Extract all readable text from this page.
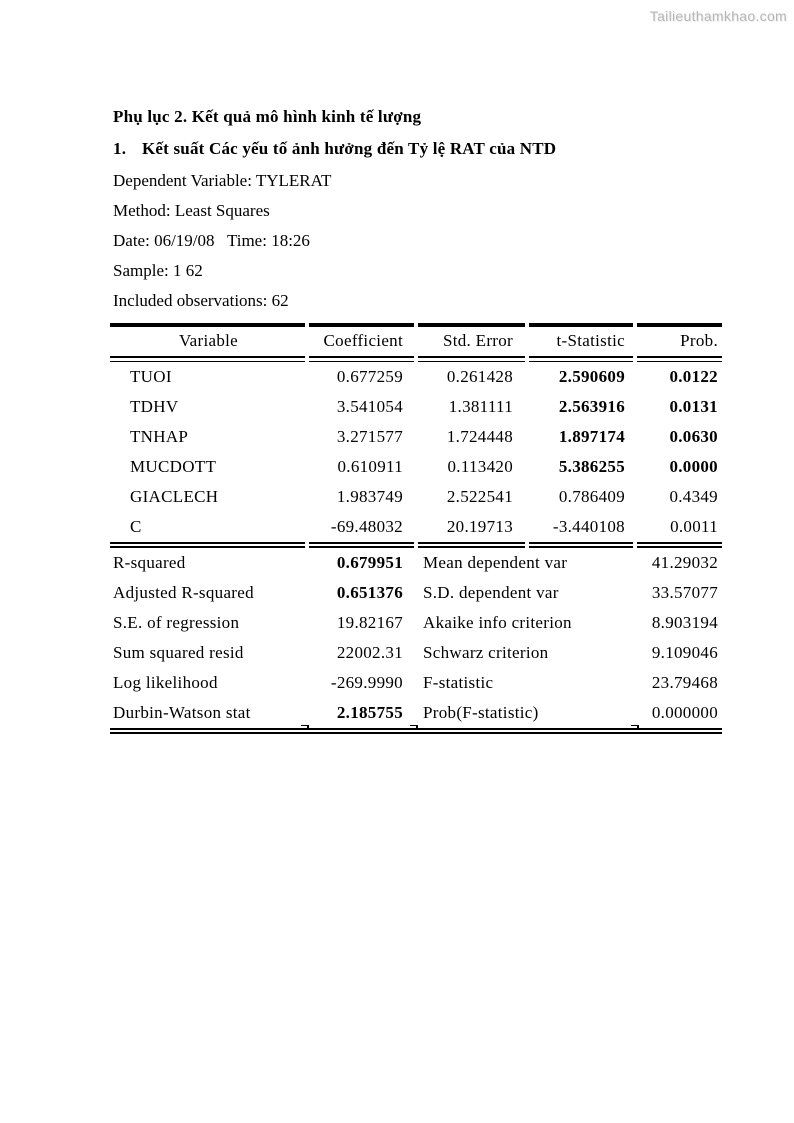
Tailieuthamkhao.com
Phụ lục 2. Kết quả mô hình kinh tế lượng
1. Kết suất Các yếu tố ảnh hưởng đến Tỷ lệ RAT của NTD
Dependent Variable: TYLERAT
Method: Least Squares
Date: 06/19/08   Time: 18:26
Sample: 1 62
Included observations: 62
Variable	Coefficient	Std. Error	t-Statistic	Prob.
TUOI	0.677259	0.261428	2.590609	0.0122
TDHV	3.541054	1.381111	2.563916	0.0131
TNHAP	3.271577	1.724448	1.897174	0.0630
MUCDOTT	0.610911	0.113420	5.386255	0.0000
GIACLECH	1.983749	2.522541	0.786409	0.4349
C	-69.48032	20.19713	-3.440108	0.0011
R-squared	0.679951	Mean dependent var	41.29032
Adjusted R-squared	0.651376	S.D. dependent var	33.57077
S.E. of regression	19.82167	Akaike info criterion	8.903194
Sum squared resid	22002.31	Schwarz criterion	9.109046
Log likelihood	-269.9990	F-statistic	23.79468
Durbin-Watson stat	2.185755	Prob(F-statistic)	0.000000
